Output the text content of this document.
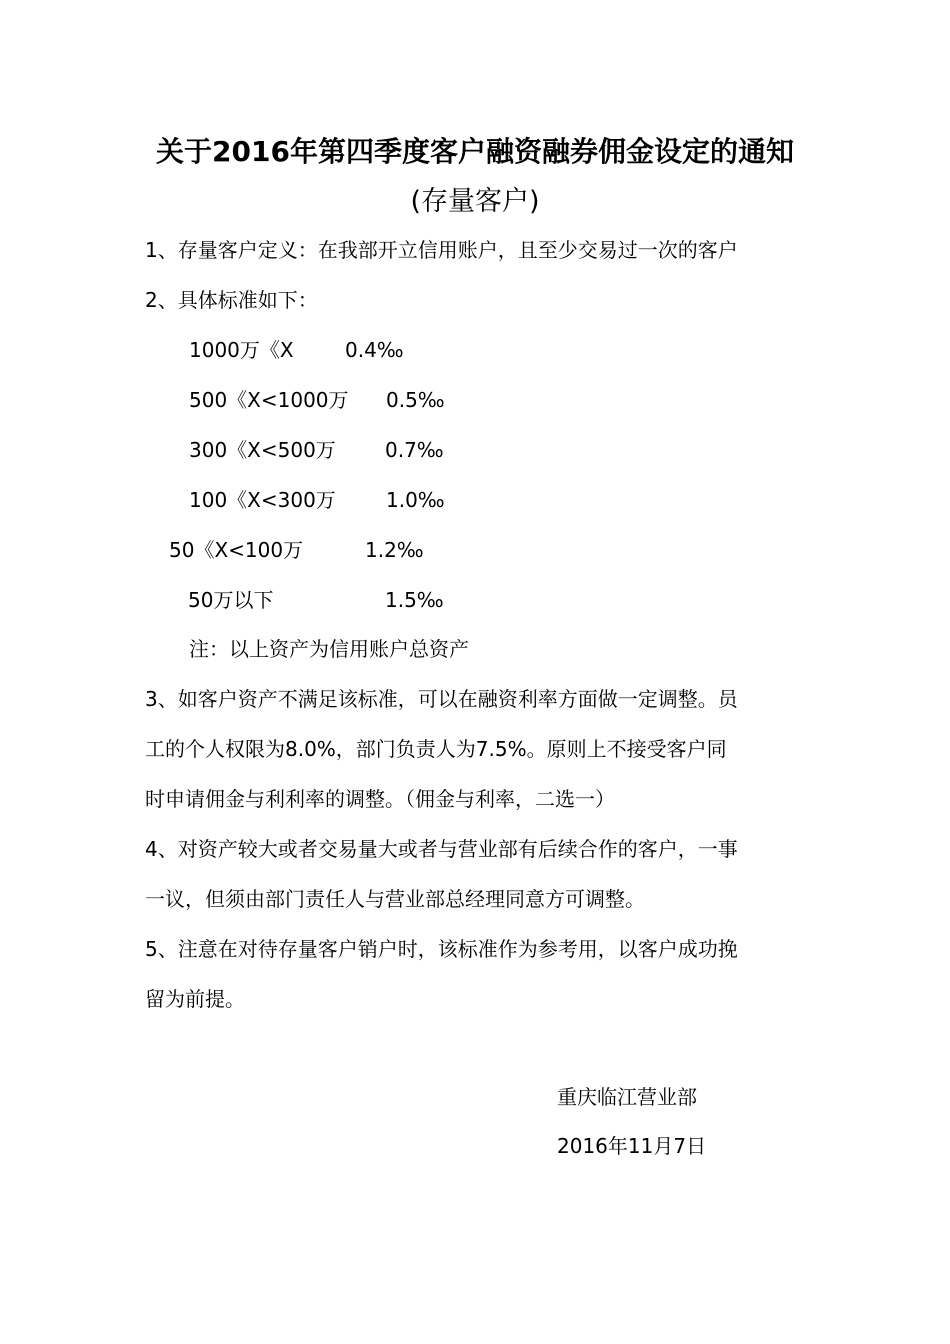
关于2016年第四季度客户融资融券佣金设定的通知
(存量客户)
1、存量客户定义：在我部开立信用账户，且至少交易过一次的客户
2、具体标准如下：
1000万《X	0.4‰
500《X<1000万 0.5‰
300《X<500万 0.7‰
100《X<300万	1.0‰
50《X<100万	1.2‰
50万以下	1.5‰
注：以上资产为信用账户总资产
3、如客户资产不满足该标准，可以在融资利率方面做一定调整。员
工的个人权限为8.0%，部门负责人为7.5%。原则上不接受客户同
时申请佣金与利利率的调整。（佣金与利率，二选一）
4、对资产较大或者交易量大或者与营业部有后续合作的客户，一事
一议，但须由部门责任人与营业部总经理同意方可调整。
5、注意在对待存量客户销户时，该标准作为参考用，以客户成功挽
留为前提。
重庆临江营业部
2016年11月7日
